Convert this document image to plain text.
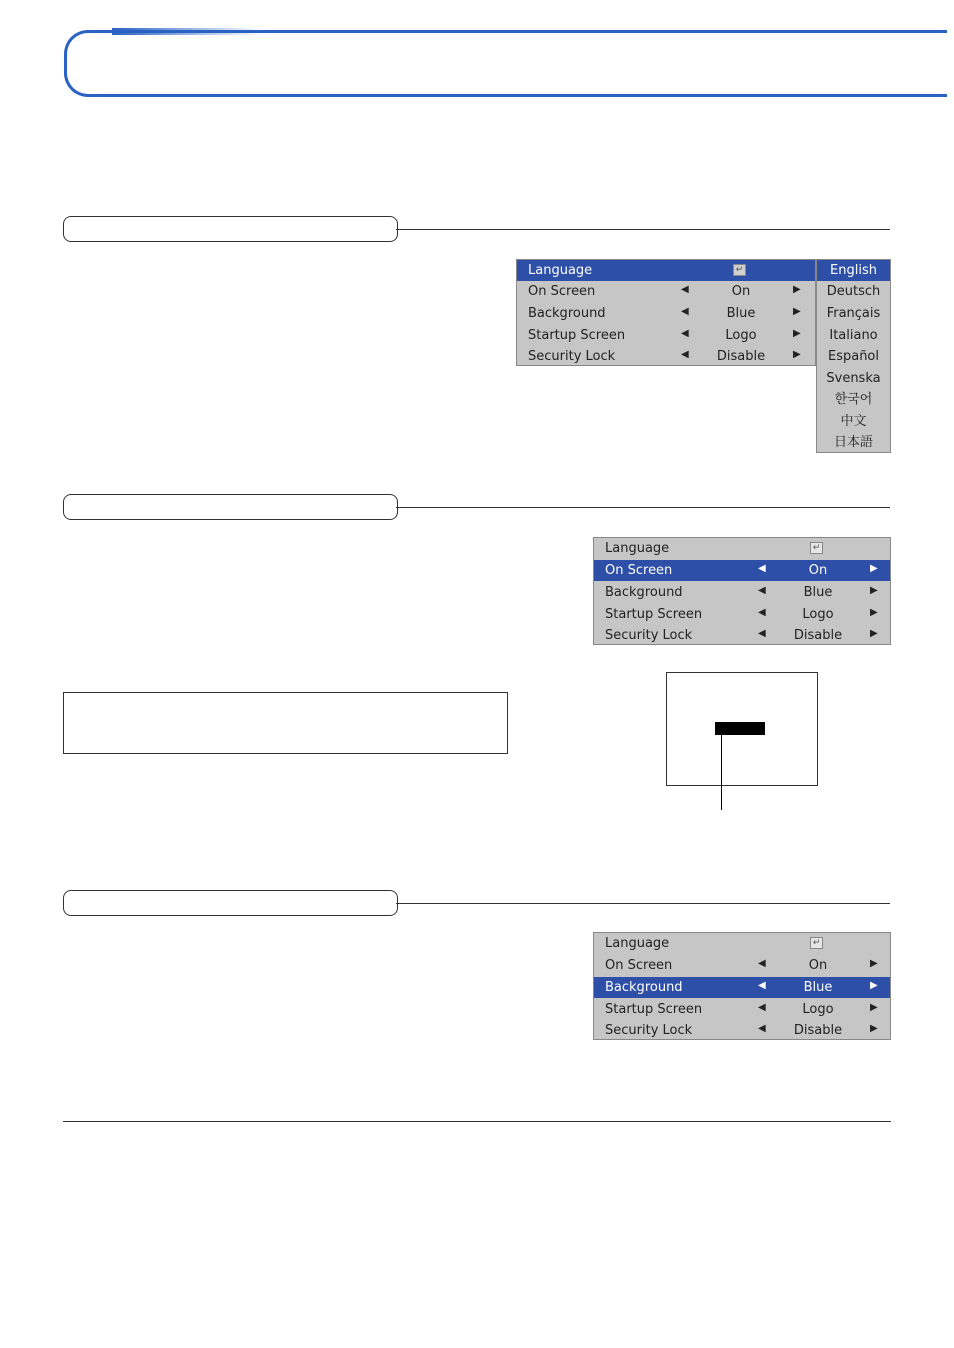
Language	↵
On Screen	◀	On	▶
Background	◀	Blue	▶
Startup Screen	◀	Logo	▶
Security Lock	◀	Disable	▶
English
Deutsch
Français
Italiano
Español
Svenska
한국어
中文
日本語
Language	↵
On Screen	◀	On	▶
Background	◀	Blue	▶
Startup Screen	◀	Logo	▶
Security Lock	◀	Disable	▶
Language	↵
On Screen	◀	On	▶
Background	◀	Blue	▶
Startup Screen	◀	Logo	▶
Security Lock	◀	Disable	▶
